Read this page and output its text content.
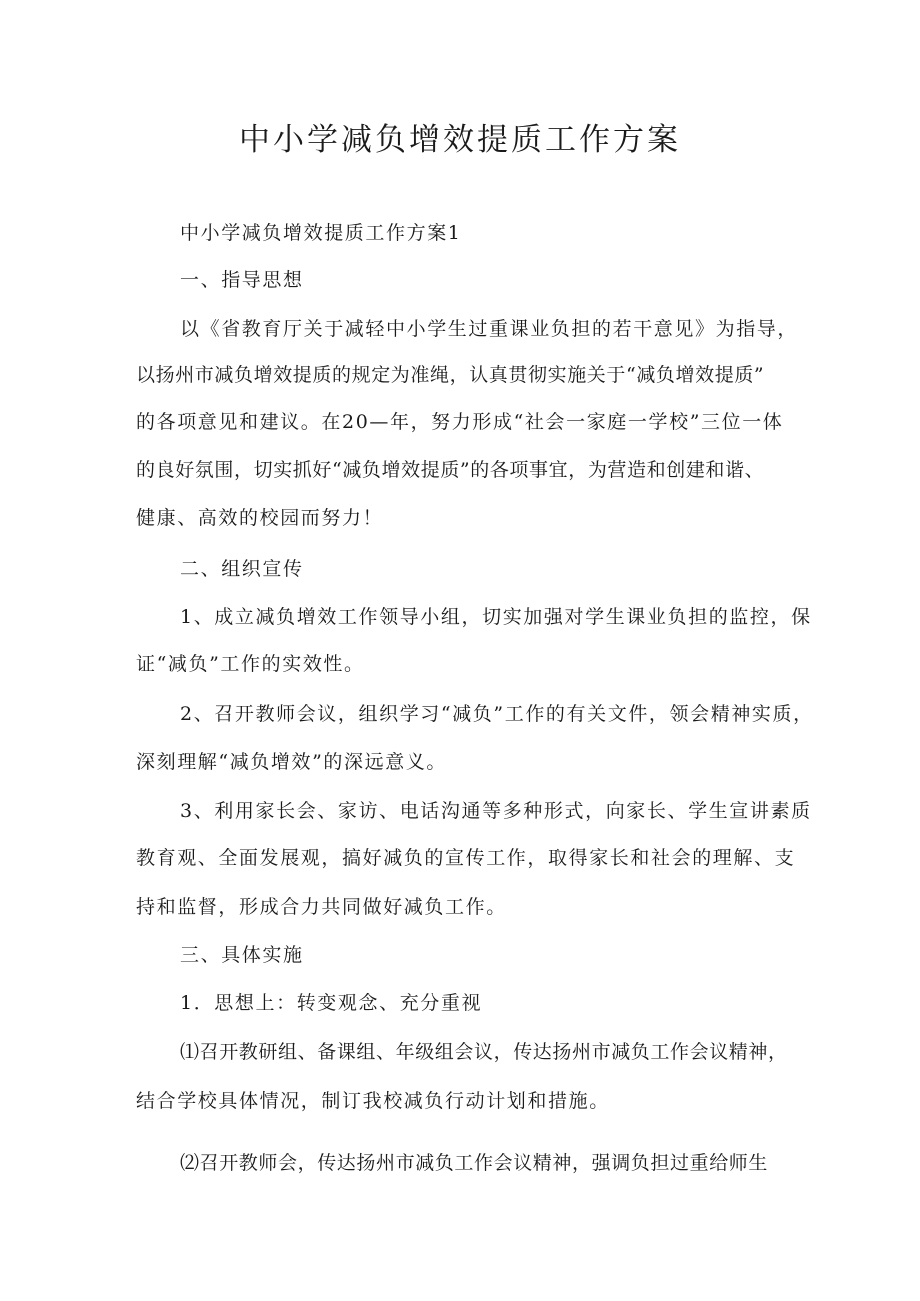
中小学减负增效提质工作方案

中小学减负增效提质工作方案1

一、指导思想

以《省教育厅关于减轻中小学生过重课业负担的若干意见》为指导，

以扬州市减负增效提质的规定为准绳，认真贯彻实施关于“减负增效提质”

的各项意见和建议。在20—年，努力形成“社会一家庭一学校”三位一体

的良好氛围，切实抓好“减负增效提质”的各项事宜，为营造和创建和谐、

健康、高效的校园而努力！

二、组织宣传

1、成立减负增效工作领导小组，切实加强对学生课业负担的监控，保

证“减负”工作的实效性。

2、召开教师会议，组织学习“减负”工作的有关文件，领会精神实质，

深刻理解“减负增效”的深远意义。

3、利用家长会、家访、电话沟通等多种形式，向家长、学生宣讲素质

教育观、全面发展观，搞好减负的宣传工作，取得家长和社会的理解、支

持和监督，形成合力共同做好减负工作。

三、具体实施

1．思想上：转变观念、充分重视

⑴召开教研组、备课组、年级组会议，传达扬州市减负工作会议精神，

结合学校具体情况，制订我校减负行动计划和措施。

⑵召开教师会，传达扬州市减负工作会议精神，强调负担过重给师生
